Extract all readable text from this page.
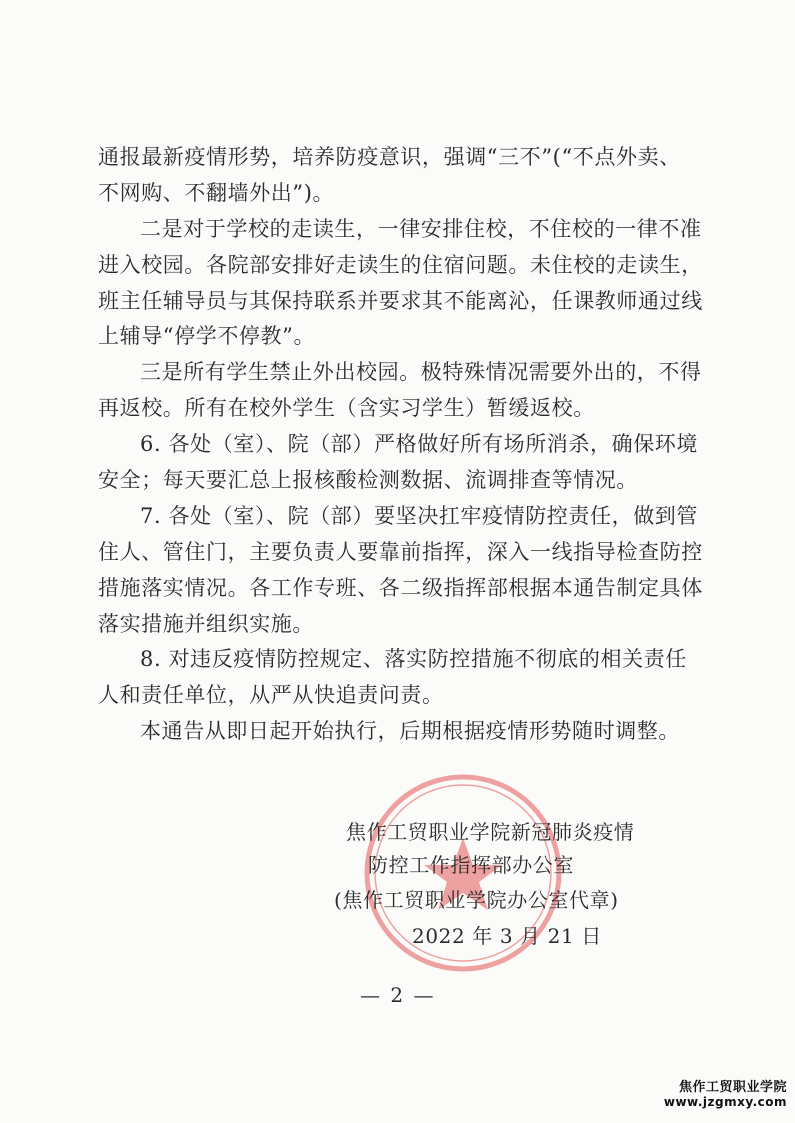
通报最新疫情形势，培养防疫意识，强调“三不”(“不点外卖、
不网购、不翻墙外出”)。
二是对于学校的走读生，一律安排住校，不住校的一律不准
进入校园。各院部安排好走读生的住宿问题。未住校的走读生，
班主任辅导员与其保持联系并要求其不能离沁，任课教师通过线
上辅导“停学不停教”。
三是所有学生禁止外出校园。极特殊情况需要外出的，不得
再返校。所有在校外学生（含实习学生）暂缓返校。
6. 各处（室）、院（部）严格做好所有场所消杀，确保环境
安全；每天要汇总上报核酸检测数据、流调排查等情况。
7. 各处（室）、院（部）要坚决扛牢疫情防控责任，做到管
住人、管住门，主要负责人要靠前指挥，深入一线指导检查防控
措施落实情况。各工作专班、各二级指挥部根据本通告制定具体
落实措施并组织实施。
8. 对违反疫情防控规定、落实防控措施不彻底的相关责任
人和责任单位，从严从快追责问责。
本通告从即日起开始执行，后期根据疫情形势随时调整。
焦作工贸职业学院新冠肺炎疫情
防控工作指挥部办公室
(焦作工贸职业学院办公室代章)
2022 年 3 月 21 日
— 2 —
焦作工贸职业学院
www.jzgmxy.com
